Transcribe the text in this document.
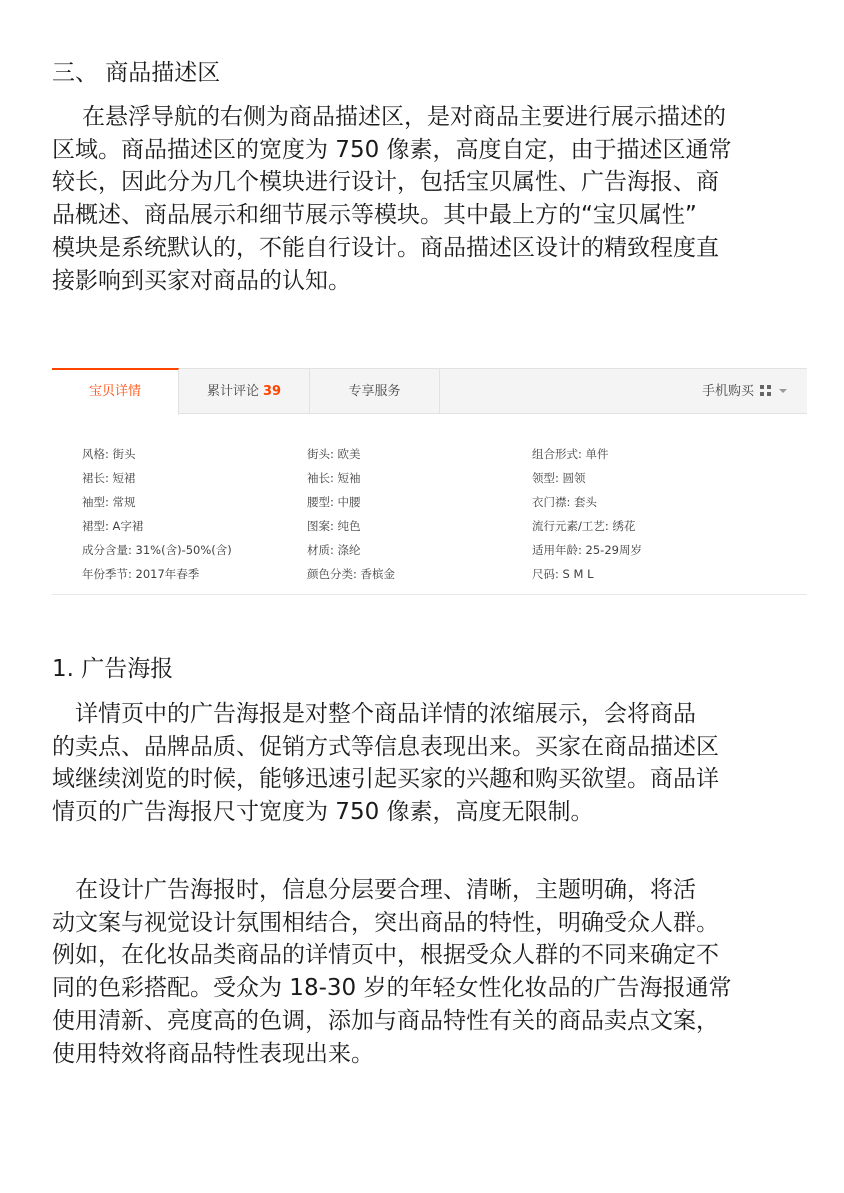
三、 商品描述区
在悬浮导航的右侧为商品描述区，是对商品主要进行展示描述的
区域。商品描述区的宽度为 750 像素，高度自定，由于描述区通常
较长，因此分为几个模块进行设计，包括宝贝属性、广告海报、商
品概述、商品展示和细节展示等模块。其中最上方的“宝贝属性”
模块是系统默认的，不能自行设计。商品描述区设计的精致程度直
接影响到买家对商品的认知。
宝贝详情	累计评论 39	专享服务	手机购买
风格: 街头	街头: 欧美	组合形式: 单件
裙长: 短裙	袖长: 短袖	领型: 圆领
袖型: 常规	腰型: 中腰	衣门襟: 套头
裙型: A字裙	图案: 纯色	流行元素/工艺: 绣花
成分含量: 31%(含)-50%(含)	材质: 涤纶	适用年龄: 25-29周岁
年份季节: 2017年春季	颜色分类: 香槟金	尺码: S M L
1. 广告海报
　详情页中的广告海报是对整个商品详情的浓缩展示，会将商品
的卖点、品牌品质、促销方式等信息表现出来。买家在商品描述区
域继续浏览的时候，能够迅速引起买家的兴趣和购买欲望。商品详
情页的广告海报尺寸宽度为 750 像素，高度无限制。
　在设计广告海报时，信息分层要合理、清晰，主题明确，将活
动文案与视觉设计氛围相结合，突出商品的特性，明确受众人群。
例如，在化妆品类商品的详情页中，根据受众人群的不同来确定不
同的色彩搭配。受众为 18-30 岁的年轻女性化妆品的广告海报通常
使用清新、亮度高的色调，添加与商品特性有关的商品卖点文案，
使用特效将商品特性表现出来。
